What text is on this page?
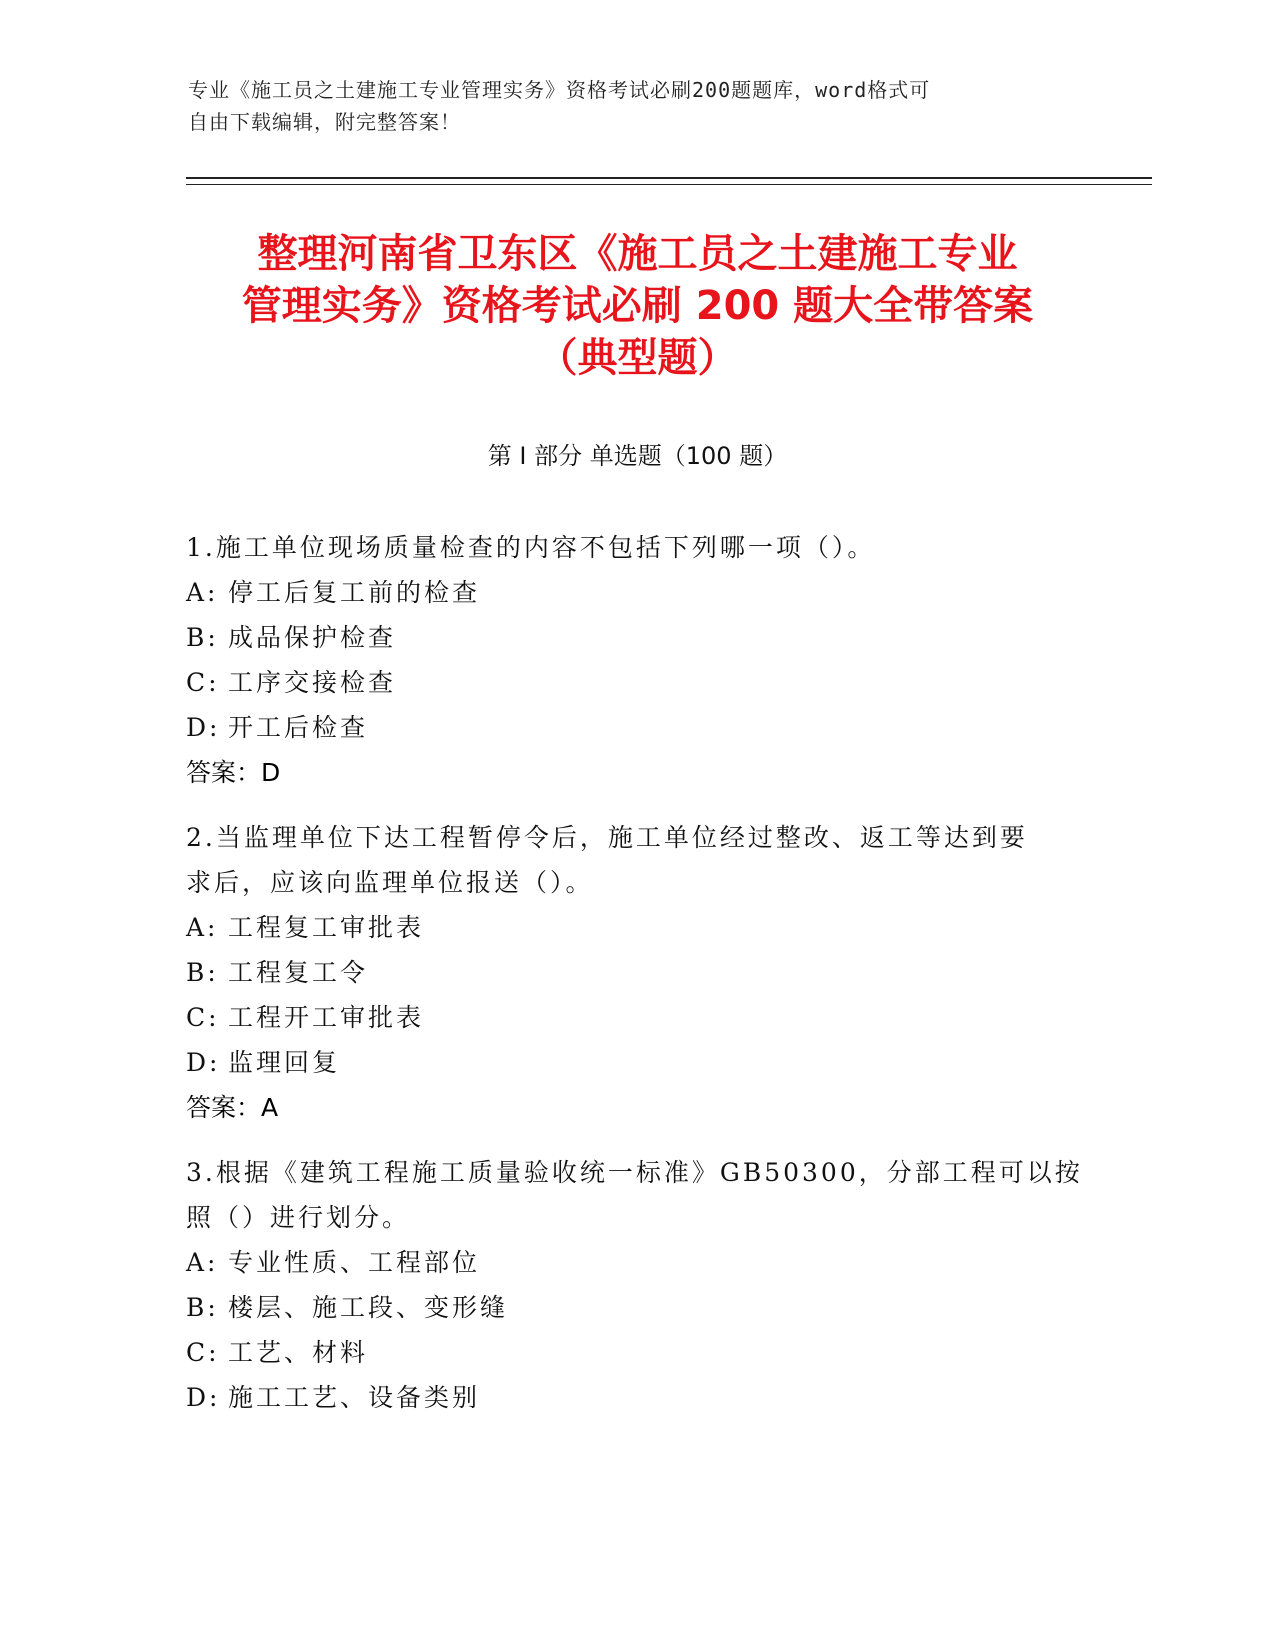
专业《施工员之土建施工专业管理实务》资格考试必刷200题题库，word格式可
自由下载编辑，附完整答案！
整理河南省卫东区《施工员之土建施工专业
管理实务》资格考试必刷 200 题大全带答案
（典型题）
第 I 部分 单选题（100 题）
1.施工单位现场质量检查的内容不包括下列哪一项（）。
A: 停工后复工前的检查
B: 成品保护检查
C: 工序交接检查
D: 开工后检查
答案：D
2.当监理单位下达工程暂停令后，施工单位经过整改、返工等达到要
求后，应该向监理单位报送（）。
A: 工程复工审批表
B: 工程复工令
C: 工程开工审批表
D: 监理回复
答案：A
3.根据《建筑工程施工质量验收统一标准》GB50300，分部工程可以按
照（）进行划分。
A: 专业性质、工程部位
B: 楼层、施工段、变形缝
C: 工艺、材料
D: 施工工艺、设备类别
